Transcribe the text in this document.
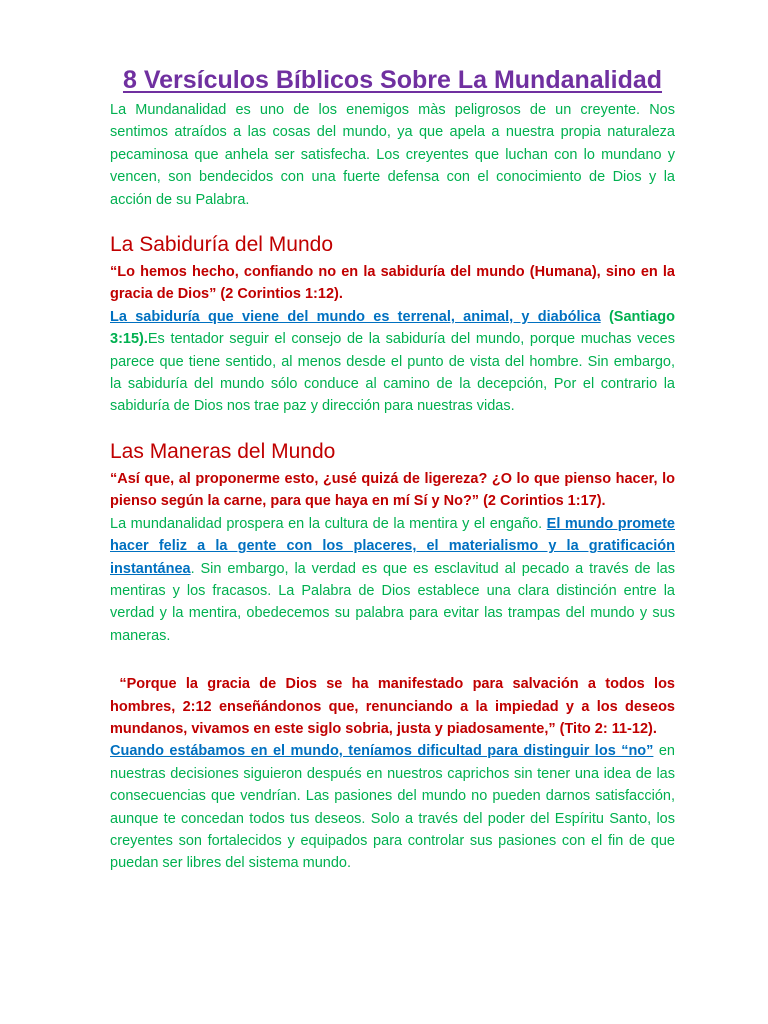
8 Versículos Bíblicos Sobre La Mundanalidad

La Mundanalidad es uno de los enemigos màs peligrosos de un creyente. Nos sentimos atraídos a las cosas del mundo, ya que apela a nuestra propia naturaleza pecaminosa que anhela ser satisfecha. Los creyentes que luchan con lo mundano y vencen, son bendecidos con una fuerte defensa con el conocimiento de Dios y la acción de su Palabra.

La Sabiduría del Mundo

“Lo hemos hecho, confiando no en la sabiduría del mundo (Humana), sino en la gracia de Dios” (2 Corintios 1:12).

La sabiduría que viene del mundo es terrenal, animal, y diabólica (Santiago 3:15).Es tentador seguir el consejo de la sabiduría del mundo, porque muchas veces parece que tiene sentido, al menos desde el punto de vista del hombre. Sin embargo, la sabiduría del mundo sólo conduce al camino de la decepción, Por el contrario la sabiduría de Dios nos trae paz y dirección para nuestras vidas.

Las Maneras del Mundo

“Así que, al proponerme esto, ¿usé quizá de ligereza? ¿O lo que pienso hacer, lo pienso según la carne, para que haya en mí Sí y No?” (2 Corintios 1:17).

La mundanalidad prospera en la cultura de la mentira y el engaño. El mundo promete hacer feliz a la gente con los placeres, el materialismo y la gratificación instantánea. Sin embargo, la verdad es que es esclavitud al pecado a través de las mentiras y los fracasos. La Palabra de Dios establece una clara distinción entre la verdad y la mentira, obedecemos su palabra para evitar las trampas del mundo y sus maneras.

“Porque la gracia de Dios se ha manifestado para salvación a todos los hombres, 2:12 enseñándonos que, renunciando a la impiedad y a los deseos mundanos, vivamos en este siglo sobria, justa y piadosamente,” (Tito 2: 11-12).

Cuando estábamos en el mundo, teníamos dificultad para distinguir los “no” en nuestras decisiones siguieron después en nuestros caprichos sin tener una idea de las consecuencias que vendrían. Las pasiones del mundo no pueden darnos satisfacción, aunque te concedan todos tus deseos. Solo a través del poder del Espíritu Santo, los creyentes son fortalecidos y equipados para controlar sus pasiones con el fin de que puedan ser libres del sistema mundo.
